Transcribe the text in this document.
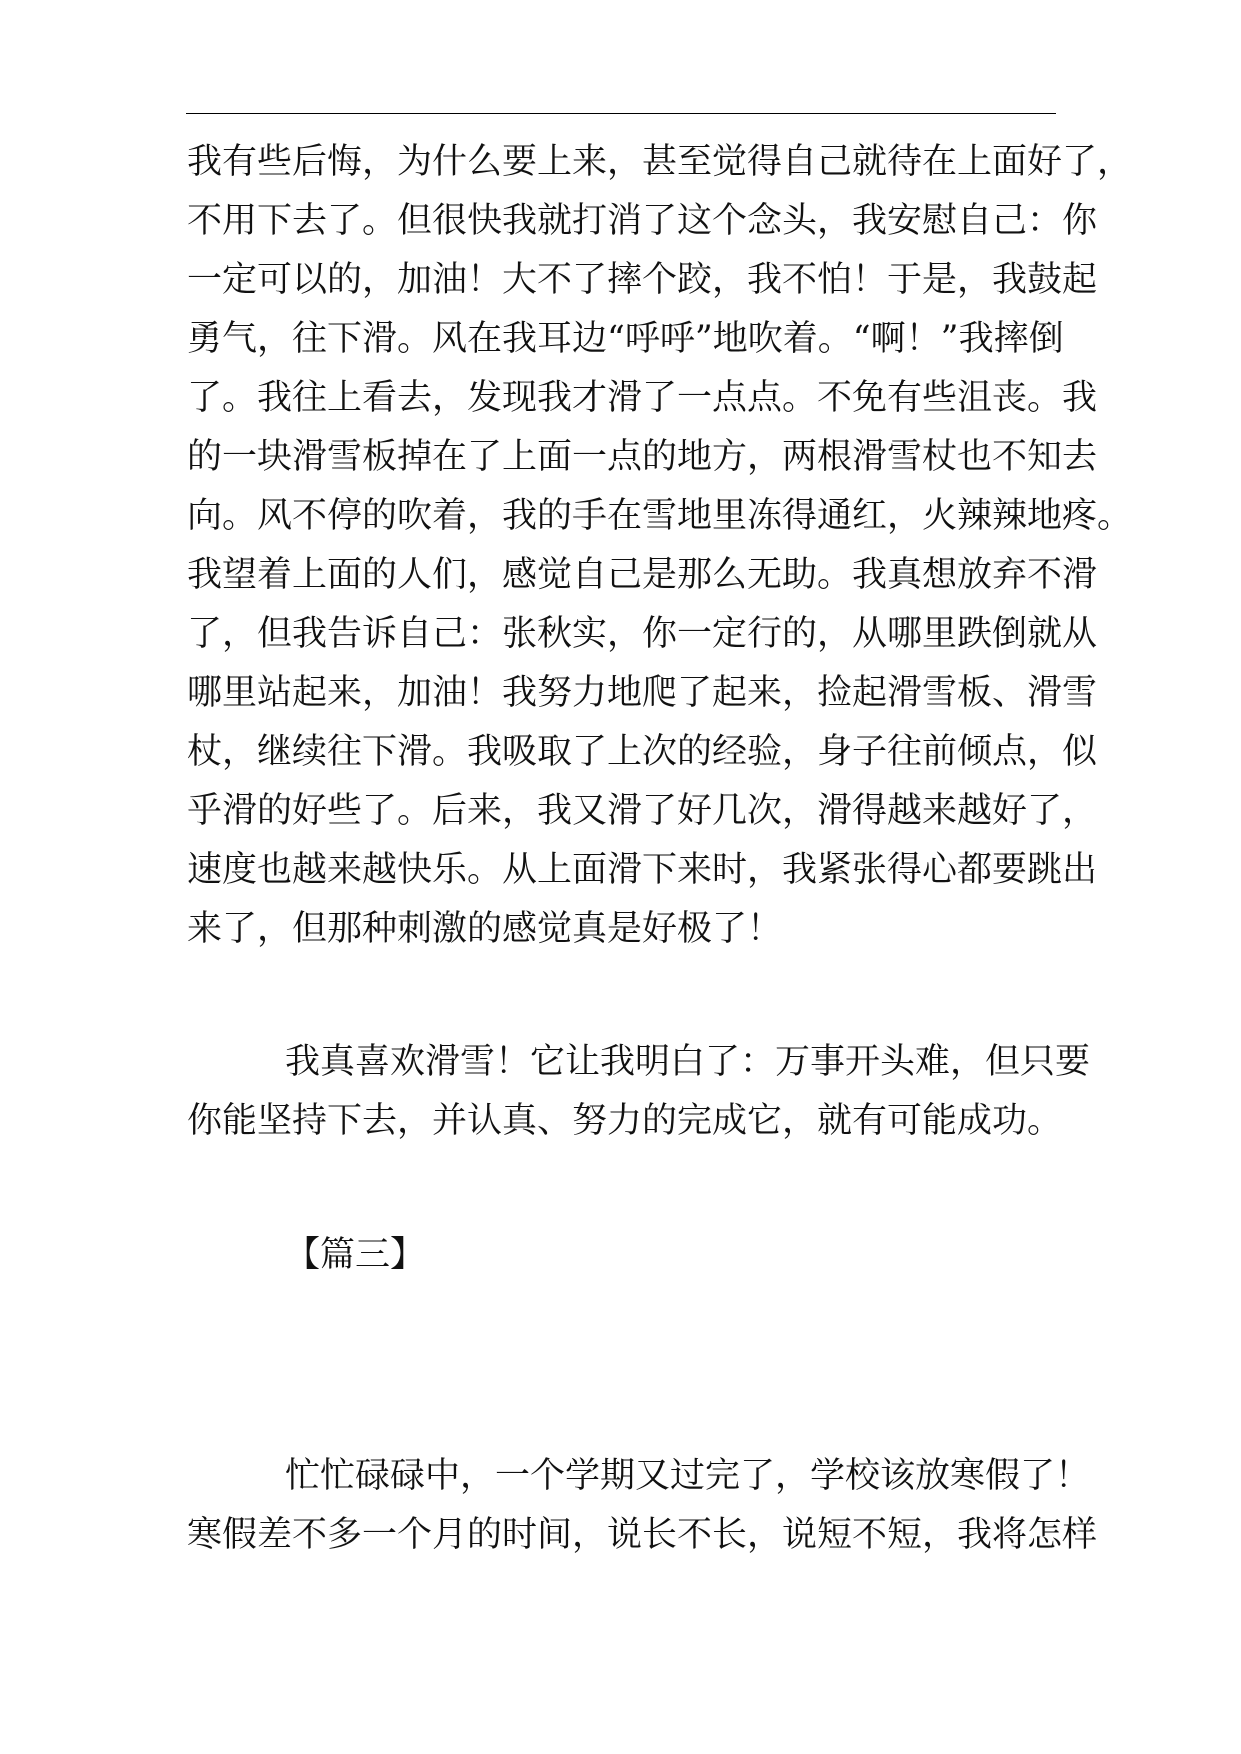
我有些后悔，为什么要上来，甚至觉得自己就待在上面好了，
不用下去了。但很快我就打消了这个念头，我安慰自己：你
一定可以的，加油！大不了摔个跤，我不怕！于是，我鼓起
勇气，往下滑。风在我耳边“呼呼”地吹着。“啊！”我摔倒
了。我往上看去，发现我才滑了一点点。不免有些沮丧。我
的一块滑雪板掉在了上面一点的地方，两根滑雪杖也不知去
向。风不停的吹着，我的手在雪地里冻得通红，火辣辣地疼。
我望着上面的人们，感觉自己是那么无助。我真想放弃不滑
了，但我告诉自己：张秋实，你一定行的，从哪里跌倒就从
哪里站起来，加油！我努力地爬了起来，捡起滑雪板、滑雪
杖，继续往下滑。我吸取了上次的经验，身子往前倾点，似
乎滑的好些了。后来，我又滑了好几次，滑得越来越好了，
速度也越来越快乐。从上面滑下来时，我紧张得心都要跳出
来了，但那种刺激的感觉真是好极了！
我真喜欢滑雪！它让我明白了：万事开头难，但只要
你能坚持下去，并认真、努力的完成它，就有可能成功。
【篇三】
忙忙碌碌中，一个学期又过完了，学校该放寒假了！
寒假差不多一个月的时间，说长不长，说短不短，我将怎样
